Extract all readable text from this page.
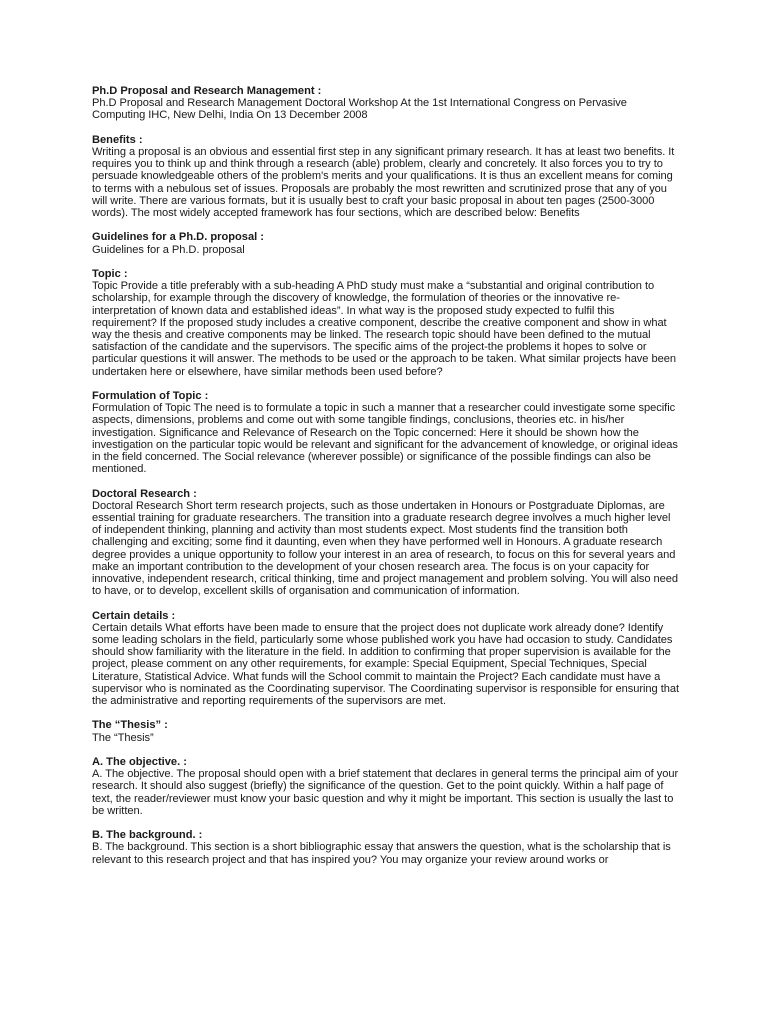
Ph.D Proposal and Research Management :

Ph.D Proposal and Research Management Doctoral Workshop At the 1st International Congress on Pervasive Computing IHC, New Delhi, India On 13 December 2008

Benefits :

Writing a proposal is an obvious and essential first step in any significant primary research. It has at least two benefits. It requires you to think up and think through a research (able) problem, clearly and concretely. It also forces you to try to persuade knowledgeable others of the problem's merits and your qualifications. It is thus an excellent means for coming to terms with a nebulous set of issues. Proposals are probably the most rewritten and scrutinized prose that any of you will write. There are various formats, but it is usually best to craft your basic proposal in about ten pages (2500-3000 words). The most widely accepted framework has four sections, which are described below: Benefits

Guidelines for a Ph.D. proposal :

Guidelines for a Ph.D. proposal

Topic :

Topic Provide a title preferably with a sub-heading A PhD study must make a “substantial and original contribution to scholarship, for example through the discovery of knowledge, the formulation of theories or the innovative re-interpretation of known data and established ideas”. In what way is the proposed study expected to fulfil this requirement? If the proposed study includes a creative component, describe the creative component and show in what way the thesis and creative components may be linked. The research topic should have been defined to the mutual satisfaction of the candidate and the supervisors. The specific aims of the project-the problems it hopes to solve or particular questions it will answer. The methods to be used or the approach to be taken. What similar projects have been undertaken here or elsewhere, have similar methods been used before?

Formulation of Topic :

Formulation of Topic The need is to formulate a topic in such a manner that a researcher could investigate some specific aspects, dimensions, problems and come out with some tangible findings, conclusions, theories etc. in his/her investigation. Significance and Relevance of Research on the Topic concerned: Here it should be shown how the investigation on the particular topic would be relevant and significant for the advancement of knowledge, or original ideas in the field concerned. The Social relevance (wherever possible) or significance of the possible findings can also be mentioned.

Doctoral Research :

Doctoral Research Short term research projects, such as those undertaken in Honours or Postgraduate Diplomas, are essential training for graduate researchers. The transition into a graduate research degree involves a much higher level of independent thinking, planning and activity than most students expect. Most students find the transition both challenging and exciting; some find it daunting, even when they have performed well in Honours. A graduate research degree provides a unique opportunity to follow your interest in an area of research, to focus on this for several years and make an important contribution to the development of your chosen research area. The focus is on your capacity for innovative, independent research, critical thinking, time and project management and problem solving. You will also need to have, or to develop, excellent skills of organisation and communication of information.

Certain details :

Certain details What efforts have been made to ensure that the project does not duplicate work already done? Identify some leading scholars in the field, particularly some whose published work you have had occasion to study. Candidates should show familiarity with the literature in the field. In addition to confirming that proper supervision is available for the project, please comment on any other requirements, for example: Special Equipment, Special Techniques, Special Literature, Statistical Advice. What funds will the School commit to maintain the Project? Each candidate must have a supervisor who is nominated as the Coordinating supervisor. The Coordinating supervisor is responsible for ensuring that the administrative and reporting requirements of the supervisors are met.

The “Thesis” :

The “Thesis”

A. The objective. :

A. The objective. The proposal should open with a brief statement that declares in general terms the principal aim of your research. It should also suggest (briefly) the significance of the question. Get to the point quickly. Within a half page of text, the reader/reviewer must know your basic question and why it might be important. This section is usually the last to be written.

B. The background. :

B. The background. This section is a short bibliographic essay that answers the question, what is the scholarship that is relevant to this research project and that has inspired you? You may organize your review around works or
